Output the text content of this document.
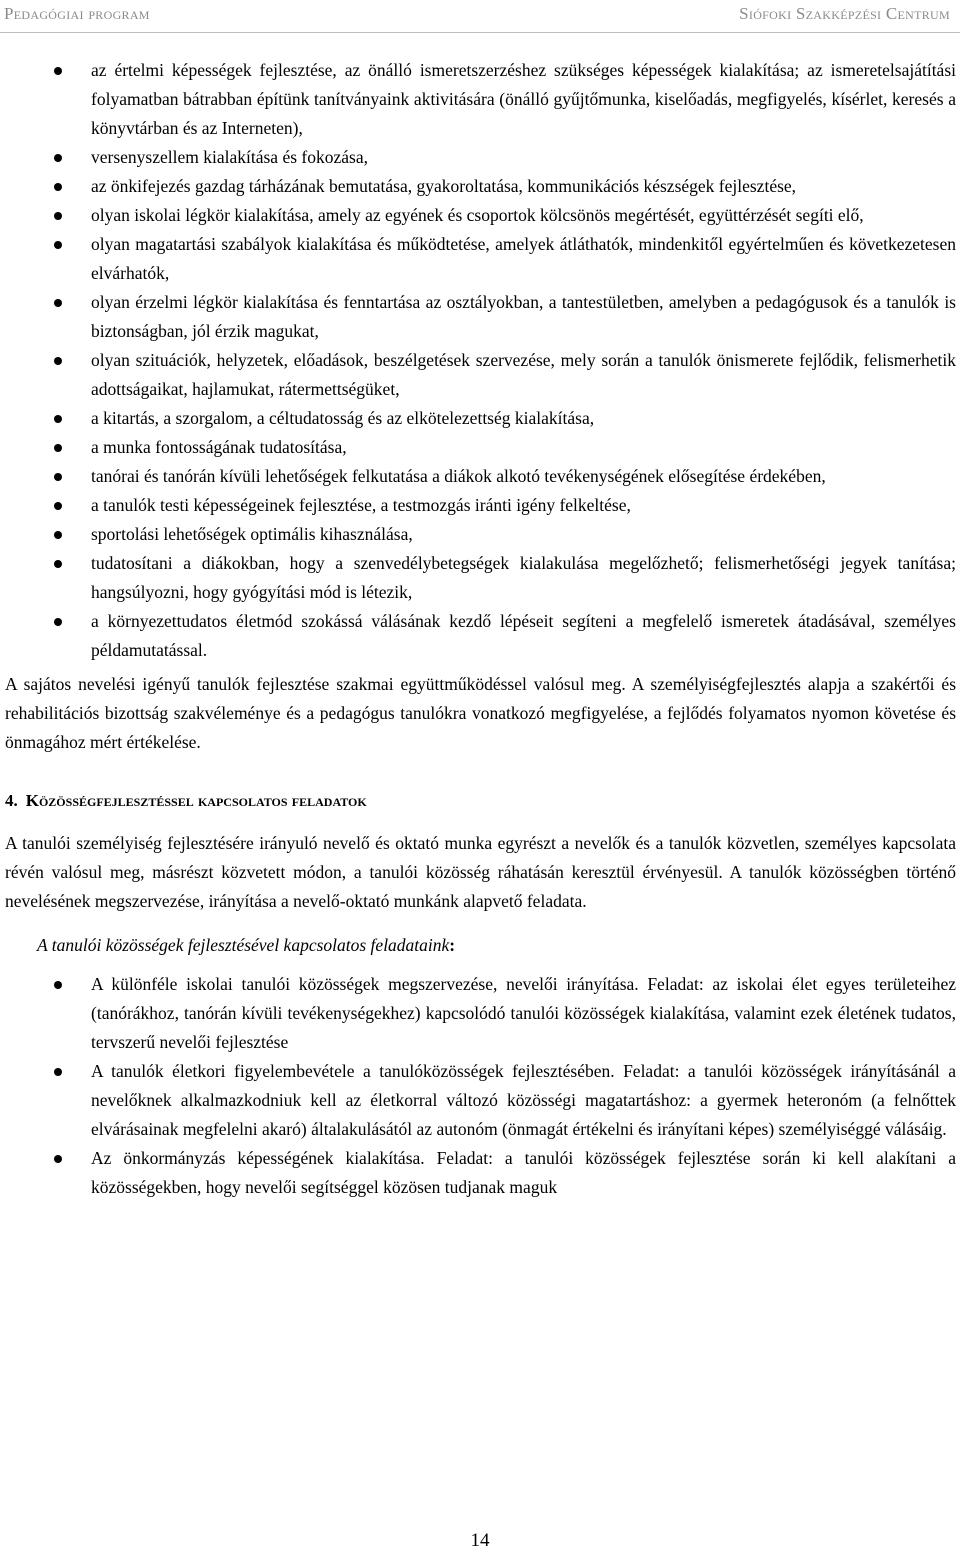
Pedagógiai program	Siófoki Szakképzési Centrum
az értelmi képességek fejlesztése, az önálló ismeretszerzéshez szükséges képességek kialakítása; az ismeretelsajátítási folyamatban bátrabban építünk tanítványaink aktivitására (önálló gyűjtőmunka, kiselőadás, megfigyelés, kísérlet, keresés a könyvtárban és az Interneten),
versenyszellem kialakítása és fokozása,
az önkifejezés gazdag tárházának bemutatása, gyakoroltatása, kommunikációs készségek fejlesztése,
olyan iskolai légkör kialakítása, amely az egyének és csoportok kölcsönös megértését, együttérzését segíti elő,
olyan magatartási szabályok kialakítása és működtetése, amelyek átláthatók, mindenkitől egyértelműen és következetesen elvárhatók,
olyan érzelmi légkör kialakítása és fenntartása az osztályokban, a tantestületben, amelyben a pedagógusok és a tanulók is biztonságban, jól érzik magukat,
olyan szituációk, helyzetek, előadások, beszélgetések szervezése, mely során a tanulók önismerete fejlődik, felismerhetik adottságaikat, hajlamukat, rátermettségüket,
a kitartás, a szorgalom, a céltudatosság és az elkötelezettség kialakítása,
a munka fontosságának tudatosítása,
tanórai és tanórán kívüli lehetőségek felkutatása a diákok alkotó tevékenységének elősegítése érdekében,
a tanulók testi képességeinek fejlesztése, a testmozgás iránti igény felkeltése,
sportolási lehetőségek optimális kihasználása,
tudatosítani a diákokban, hogy a szenvedélybetegségek kialakulása megelőzhető; felismerhetőségi jegyek tanítása; hangsúlyozni, hogy gyógyítási mód is létezik,
a környezettudatos életmód szokássá válásának kezdő lépéseit segíteni a megfelelő ismeretek átadásával, személyes példamutatással.

A sajátos nevelési igényű tanulók fejlesztése szakmai együttműködéssel valósul meg. A személyiségfejlesztés alapja a szakértői és rehabilitációs bizottság szakvéleménye és a pedagógus tanulókra vonatkozó megfigyelése, a fejlődés folyamatos nyomon követése és önmagához mért értékelése.

4. Közösségfejlesztéssel kapcsolatos feladatok

A tanulói személyiség fejlesztésére irányuló nevelő és oktató munka egyrészt a nevelők és a tanulók közvetlen, személyes kapcsolata révén valósul meg, másrészt közvetett módon, a tanulói közösség ráhatásán keresztül érvényesül. A tanulók közösségben történő nevelésének megszervezése, irányítása a nevelő-oktató munkánk alapvető feladata.

A tanulói közösségek fejlesztésével kapcsolatos feladataink:
A különféle iskolai tanulói közösségek megszervezése, nevelői irányítása. Feladat: az iskolai élet egyes területeihez (tanórákhoz, tanórán kívüli tevékenységekhez) kapcsolódó tanulói közösségek kialakítása, valamint ezek életének tudatos, tervszerű nevelői fejlesztése
A tanulók életkori figyelembevétele a tanulóközösségek fejlesztésében. Feladat: a tanulói közösségek irányításánál a nevelőknek alkalmazkodniuk kell az életkorral változó közösségi magatartáshoz: a gyermek heteronóm (a felnőttek elvárásainak megfelelni akaró) általakulásától az autonóm (önmagát értékelni és irányítani képes) személyiséggé válásáig.
Az önkormányzás képességének kialakítása. Feladat: a tanulói közösségek fejlesztése során ki kell alakítani a közösségekben, hogy nevelői segítséggel közösen tudjanak maguk
14
